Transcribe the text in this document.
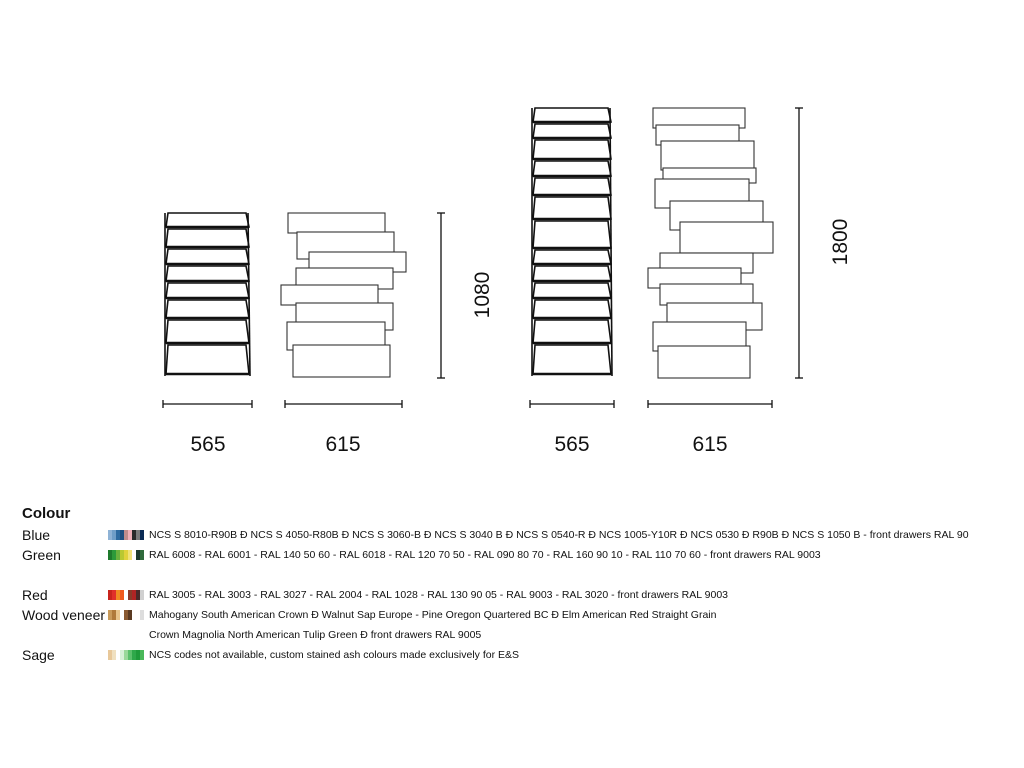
565	615	565	615
1080
1800
Colour
Blue	NCS S 8010-R90B Ð NCS S 4050-R80B Ð NCS S 3060-B Ð NCS S 3040 B Ð NCS S 0540-R Ð NCS 1005-Y10R Ð NCS 0530 Ð R90B Ð NCS S 1050 B - front drawers RAL 90
Green	RAL 6008 - RAL 6001 - RAL 140 50 60 - RAL 6018 - RAL 120 70 50 - RAL 090 80 70 - RAL 160 90 10 - RAL 110 70 60 - front drawers RAL 9003
Red	RAL 3005 - RAL 3003 - RAL 3027 - RAL 2004 - RAL 1028 - RAL 130 90 05 - RAL 9003 - RAL 3020 - front drawers RAL 9003
Wood veneer	Mahogany South American Crown Ð Walnut Sap Europe - Pine Oregon Quartered BC Ð Elm American Red Straight Grain
Crown Magnolia North American Tulip Green Ð front drawers RAL 9005
Sage	NCS codes not available, custom stained ash colours made exclusively for E&S
